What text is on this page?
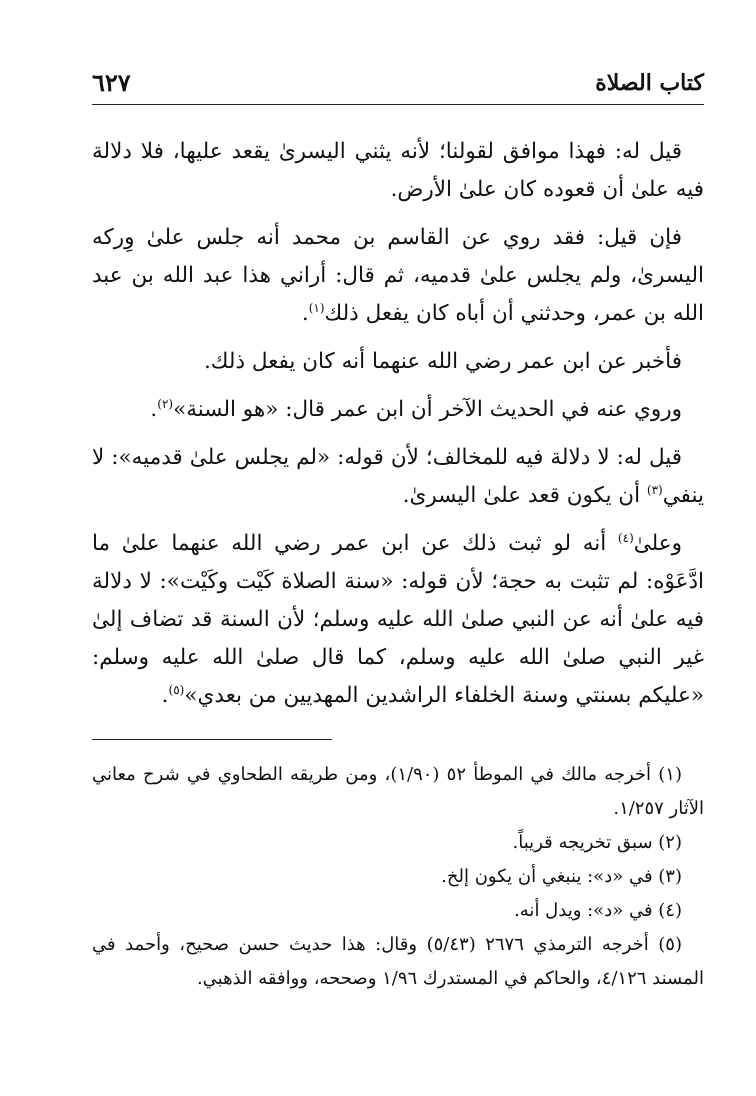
كتاب الصلاة
٦٢٧

قيل له: فهذا موافق لقولنا؛ لأنه يثني اليسرىٰ يقعد عليها، فلا دلالة فيه علىٰ أن قعوده كان علىٰ الأرض.

فإن قيل: فقد روي عن القاسم بن محمد أنه جلس علىٰ وِركه اليسرىٰ، ولم يجلس علىٰ قدميه، ثم قال: أراني هذا عبد الله بن عبد الله بن عمر، وحدثني أن أباه كان يفعل ذلك$^{(١)}$.

فأخبر عن ابن عمر رضي الله عنهما أنه كان يفعل ذلك.

وروي عنه في الحديث الآخر أن ابن عمر قال: «هو السنة»$^{(٢)}$.

قيل له: لا دلالة فيه للمخالف؛ لأن قوله: «لم يجلس علىٰ قدميه»: لا ينفي$^{(٣)}$ أن يكون قعد علىٰ اليسرىٰ.

وعلىٰ$^{(٤)}$ أنه لو ثبت ذلك عن ابن عمر رضي الله عنهما علىٰ ما ادَّعَوْه: لم تثبت به حجة؛ لأن قوله: «سنة الصلاة كَيْت وكَيْت»: لا دلالة فيه علىٰ أنه عن النبي صلىٰ الله عليه وسلم؛ لأن السنة قد تضاف إلىٰ غير النبي صلىٰ الله عليه وسلم، كما قال صلىٰ الله عليه وسلم: «عليكم بسنتي وسنة الخلفاء الراشدين المهديين من بعدي»$^{(٥)}$.

(١) أخرجه مالك في الموطأ ٥٢ (١/٩٠)، ومن طريقه الطحاوي في شرح معاني الآثار ١/٢٥٧.

(٢) سبق تخريجه قريباً.

(٣) في «د»: ينبغي أن يكون إلخ.

(٤) في «د»: ويدل أنه.

(٥) أخرجه الترمذي ٢٦٧٦ (٥/٤٣) وقال: هذا حديث حسن صحيح، وأحمد في المسند ٤/١٢٦، والحاكم في المستدرك ١/٩٦ وصححه، ووافقه الذهبي.
